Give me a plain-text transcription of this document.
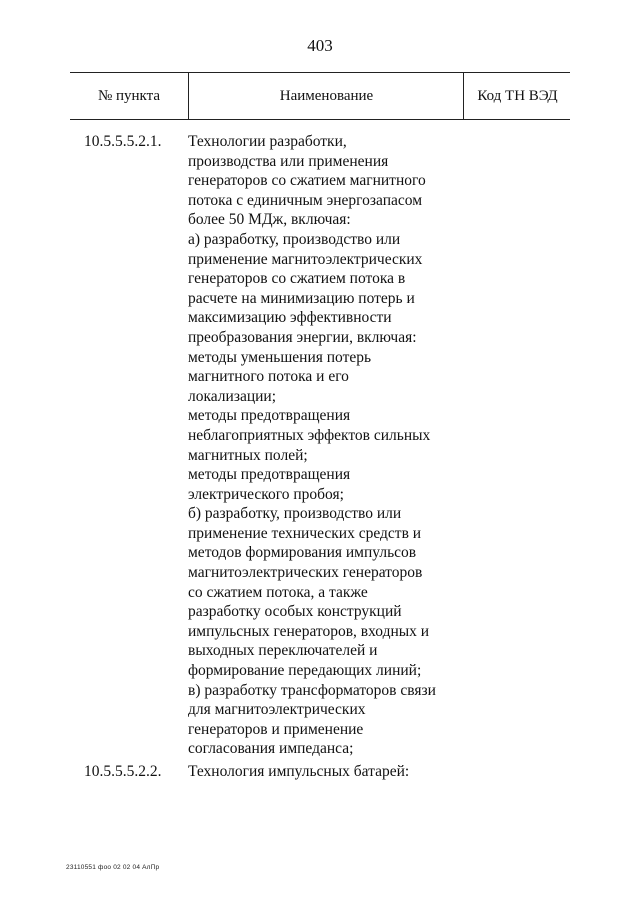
403
№ пункта	Наименование	Код ТН ВЭД
10.5.5.5.2.1. Технологии разработки,
производства или применения
генераторов со сжатием магнитного
потока с единичным энергозапасом
более 50 МДж, включая:
а) разработку, производство или
применение магнитоэлектрических
генераторов со сжатием потока в
расчете на минимизацию потерь и
максимизацию эффективности
преобразования энергии, включая:
методы уменьшения потерь
магнитного потока и его
локализации;
методы предотвращения
неблагоприятных эффектов сильных
магнитных полей;
методы предотвращения
электрического пробоя;
б) разработку, производство или
применение технических средств и
методов формирования импульсов
магнитоэлектрических генераторов
со сжатием потока, а также
разработку особых конструкций
импульсных генераторов, входных и
выходных переключателей и
формирование передающих линий;
в) разработку трансформаторов связи
для магнитоэлектрических
генераторов и применение
согласования импеданса;
10.5.5.5.2.2. Технология импульсных батарей:
23110551 фоо 02 02 04 АлПр
